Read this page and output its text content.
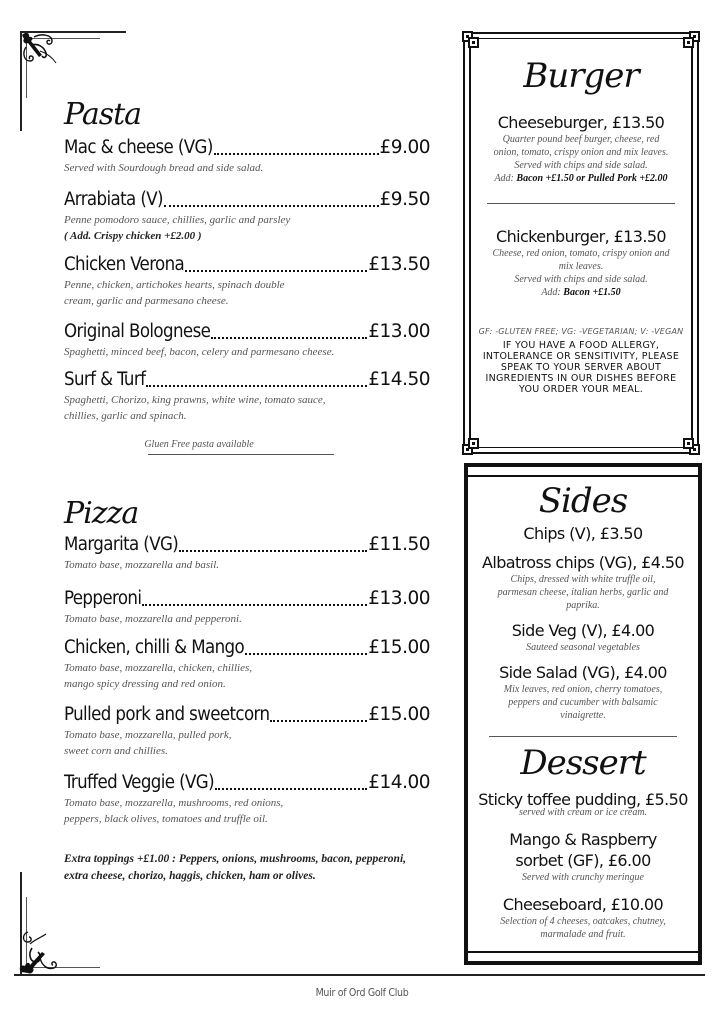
Pasta
Mac & cheese (VG)	£9.00
Served with Sourdough bread and side salad.
Arrabiata (V)	£9.50
Penne pomodoro sauce, chillies, garlic and parsley
( Add. Crispy chicken +£2.00 )
Chicken Verona	£13.50
Penne, chicken, artichokes hearts, spinach double
cream, garlic and parmesano cheese.
Original Bolognese	£13.00
Spaghetti, minced beef, bacon, celery and parmesano cheese.
Surf & Turf	£14.50
Spaghetti, Chorizo, king prawns, white wine, tomato sauce,
chillies, garlic and spinach.
Gluen Free pasta available
Pizza
Margarita (VG)	£11.50
Tomato base, mozzarella and basil.
Pepperoni	£13.00
Tomato base, mozzarella and pepperoni.
Chicken, chilli & Mango	£15.00
Tomato base, mozzarella, chicken, chillies,
mango spicy dressing and red onion.
Pulled pork and sweetcorn	£15.00
Tomato base, mozzarella, pulled pork,
sweet corn and chillies.
Truffed Veggie (VG)	£14.00
Tomato base, mozzarella, mushrooms, red onions,
peppers, black olives, tomatoes and truffle oil.
Extra toppings +£1.00 : Peppers, onions, mushrooms, bacon, pepperoni,
extra cheese, chorizo, haggis, chicken, ham or olives.
Burger
Cheeseburger, £13.50
Quarter pound beef burger, cheese, red
onion, tomato, crispy onion and mix leaves.
Served with chips and side salad.
Add: Bacon +£1.50 or Pulled Pork +£2.00
Chickenburger, £13.50
Cheese, red onion, tomato, crispy onion and
mix leaves.
Served with chips and side salad.
Add: Bacon +£1.50
GF: -GLUTEN FREE; VG: -VEGETARIAN; V: -VEGAN
IF YOU HAVE A FOOD ALLERGY,
INTOLERANCE OR SENSITIVITY, PLEASE
SPEAK TO YOUR SERVER ABOUT
INGREDIENTS IN OUR DISHES BEFORE
YOU ORDER YOUR MEAL.
Sides
Chips (V), £3.50
Albatross chips (VG), £4.50
Chips, dressed with white truffle oil,
parmesan cheese, italian herbs, garlic and
paprika.
Side Veg (V), £4.00
Sauteed seasonal vegetables
Side Salad (VG), £4.00
Mix leaves, red onion, cherry tomatoes,
peppers and cucumber with balsamic
vinaigrette.
Dessert
Sticky toffee pudding, £5.50
served with cream or ice cream.
Mango & Raspberry
sorbet (GF), £6.00
Served with crunchy meringue
Cheeseboard, £10.00
Selection of 4 cheeses, oatcakes, chutney,
marmalade and fruit.
Muir of Ord Golf Club
